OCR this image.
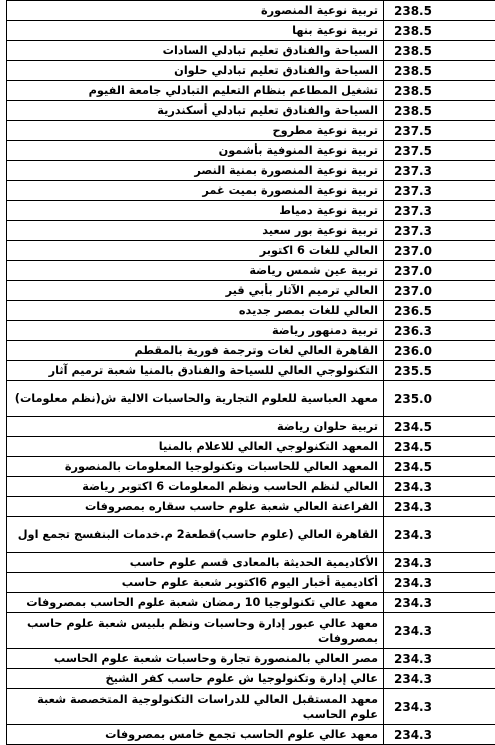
تربية نوعية المنصورة	238.5
تربية نوعية بنها	238.5
السياحة والفنادق تعليم تبادلي السادات	238.5
السياحة والفنادق تعليم تبادلي حلوان	238.5
تشغيل المطاعم بنظام التعليم التبادلي جامعة الفيوم	238.5
السياحة والفنادق تعليم تبادلي أسكندرية	238.5
تربية نوعية مطروح	237.5
تربية نوعية المنوفية بأشمون	237.5
تربية نوعية المنصورة بمنية النصر	237.3
تربية نوعية المنصورة بميت غمر	237.3
تربية نوعية دمياط	237.3
تربية نوعية بور سعيد	237.3
العالي للغات 6 اكتوبر	237.0
تربية عين شمس رياضة	237.0
العالي ترميم الآثار بأبي قير	237.0
العالي للغات بمصر جديده	236.5
تربية دمنهور رياضة	236.3
القاهرة العالي لغات وترجمة فورية بالمقطم	236.0
التكنولوجي العالي للسياحة والفنادق بالمنيا شعبة ترميم آثار	235.5
معهد العباسية للعلوم التجارية والحاسبات الالية ش(نظم معلومات)	235.0
تربية حلوان رياضة	234.5
المعهد التكنولوجي العالي للاعلام بالمنيا	234.5
المعهد العالي للحاسبات وتكنولوجيا المعلومات بالمنصورة	234.5
العالي لنظم الحاسب ونظم المعلومات 6 اكتوبر رياضة	234.3
الفراعنة العالي شعبة علوم حاسب سقاره بمصروفات	234.3
القاهرة العالي (علوم حاسب)قطعة2 م.خدمات البنفسج تجمع اول	234.3
الأكاديمية الحديثة بالمعادى قسم علوم حاسب	234.3
أكاديمية أخبار اليوم 6اكتوبر شعبة علوم حاسب	234.3
معهد عالي تكنولوجيا 10 رمضان شعبة علوم الحاسب بمصروفات	234.3
معهد عالي عبور إدارة وحاسبات ونظم بلبيس شعبة علوم حاسب بمصروفات	234.3
مصر العالي بالمنصورة تجارة وحاسبات شعبة علوم الحاسب	234.3
عالي إدارة وتكنولوجيا ش علوم حاسب كفر الشيخ	234.3
معهد المستقبل العالي للدراسات التكنولوجية المتخصصة شعبة علوم الحاسب	234.3
معهد عالي علوم الحاسب تجمع خامس بمصروفات	234.3
